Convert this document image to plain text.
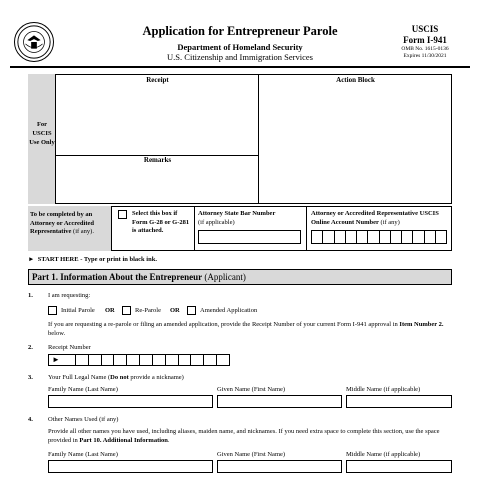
Application for Entrepreneur Parole
Department of Homeland Security
U.S. Citizenship and Immigration Services
USCIS
Form I-941
OMB No. 1615-0136
Expires 11/30/2021
For USCIS Use Only
Receipt	Action Block
Remarks
To be completed by an Attorney or Accredited Representative (if any).
Select this box if Form G-28 or G-281 is attached.
Attorney State Bar Number
(if applicable)
Attorney or Accredited Representative USCIS Online Account Number (if any)
► START HERE - Type or print in black ink.
Part 1. Information About the Entrepreneur (Applicant)
1. I am requesting:
Initial Parole OR	Re-Parole OR	Amended Application
If you are requesting a re-parole or filing an amended application, provide the Receipt Number of your current Form I-941 approval in Item Number 2. below.
2. Receipt Number
►
3. Your Full Legal Name (Do not provide a nickname)
Family Name (Last Name)	Given Name (First Name)	Middle Name (if applicable)
4. Other Names Used (if any)
Provide all other names you have used, including aliases, maiden name, and nicknames. If you need extra space to complete this section, use the space provided in Part 10. Additional Information.
Family Name (Last Name)	Given Name (First Name)	Middle Name (if applicable)
